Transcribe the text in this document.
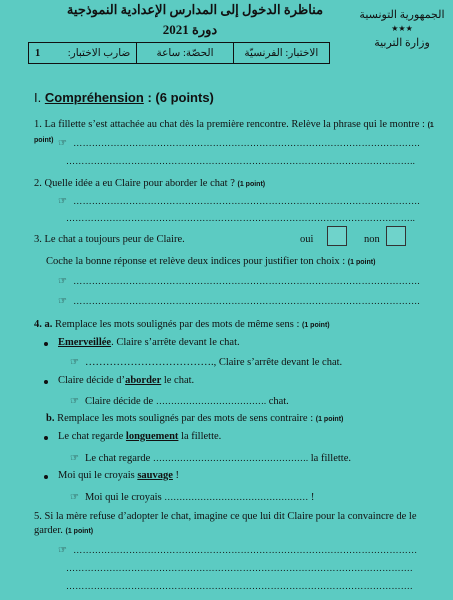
مناظرة الدخول إلى المدارس الإعدادية النموذجية
دورة 2021
الجمهورية التونسية
★★★
وزارة التربية
ضارب الاختبار:
1	الحصّة: ساعة	الاختبار: الفرنسيّة
I. Compréhension : (6 points)
1. La fillette s’est attachée au chat dès la première rencontre. Relève la phrase qui le montre : (1 point) ☞ ………………………………………………………………………………………………….
…………………………………………………………………………………………………..
2. Quelle idée a eu Claire pour aborder le chat ? (1 point)
☞ ………………………………………………………………………………………………….
…………………………………………………………………………………………………..
3. Le chat a toujours peur de Claire.	oui	non
Coche la bonne réponse et relève deux indices pour justifier ton choix : (1 point)
☞ ………………………………………………………………………………………………….
☞ ………………………………………………………………………………………………….
4. a. Remplace les mots soulignés par des mots de même sens : (1 point)
Emerveillée. Claire s’arrête devant le chat.
☞ ………………………………., Claire s’arrête devant le chat.
Claire décide d’aborder le chat.
☞ Claire décide de ………………………………. chat.
b. Remplace les mots soulignés par des mots de sens contraire : (1 point)
Le chat regarde longuement la fillette.
☞ Le chat regarde ……………………………………………. la fillette.
Moi qui le croyais sauvage !
☞ Moi qui le croyais ………………………………………… !
5. Si la mère refuse d’adopter le chat, imagine ce que lui dit Claire pour la convaincre de le garder. (1 point)
☞ …………………………………………………………………………………………………
………………………………………………………………………………………………….
………………………………………………………………………………………………….
